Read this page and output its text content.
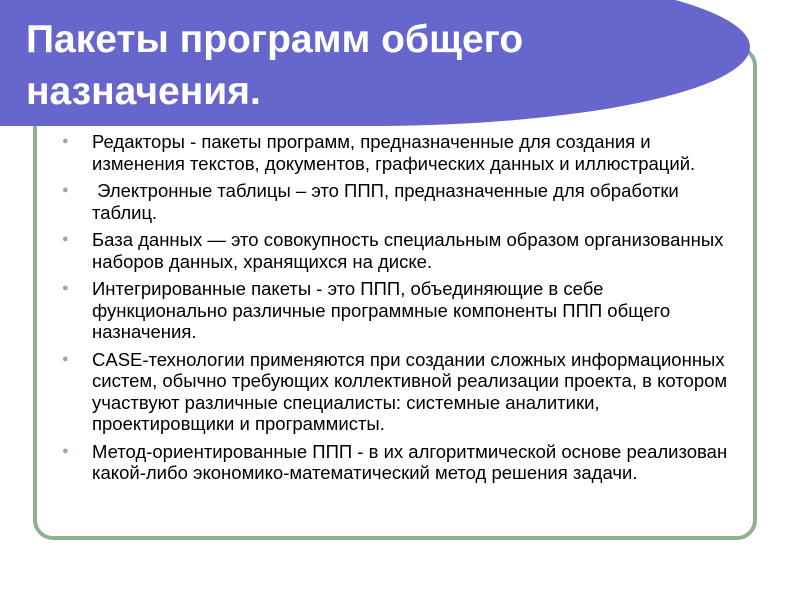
Пакеты программ общего
назначения.
● Редакторы - пакеты программ, предназначенные для создания и изменения текстов, документов, графических данных и иллюстраций.
● Электронные таблицы – это ППП, предназначенные для обработки таблиц.
● База данных — это совокупность специальным образом организованных наборов данных, хранящихся на диске.
● Интегрированные пакеты - это ППП, объединяющие в себе функционально различные программные компоненты ППП общего назначения.
● CASE-технологии применяются при создании сложных информационных систем, обычно требующих коллективной реализации проекта, в котором участвуют различные специалисты: системные аналитики, проектировщики и программисты.
● Метод-ориентированные ППП - в их алгоритмической основе реализован какой-либо экономико-математический метод решения задачи.
